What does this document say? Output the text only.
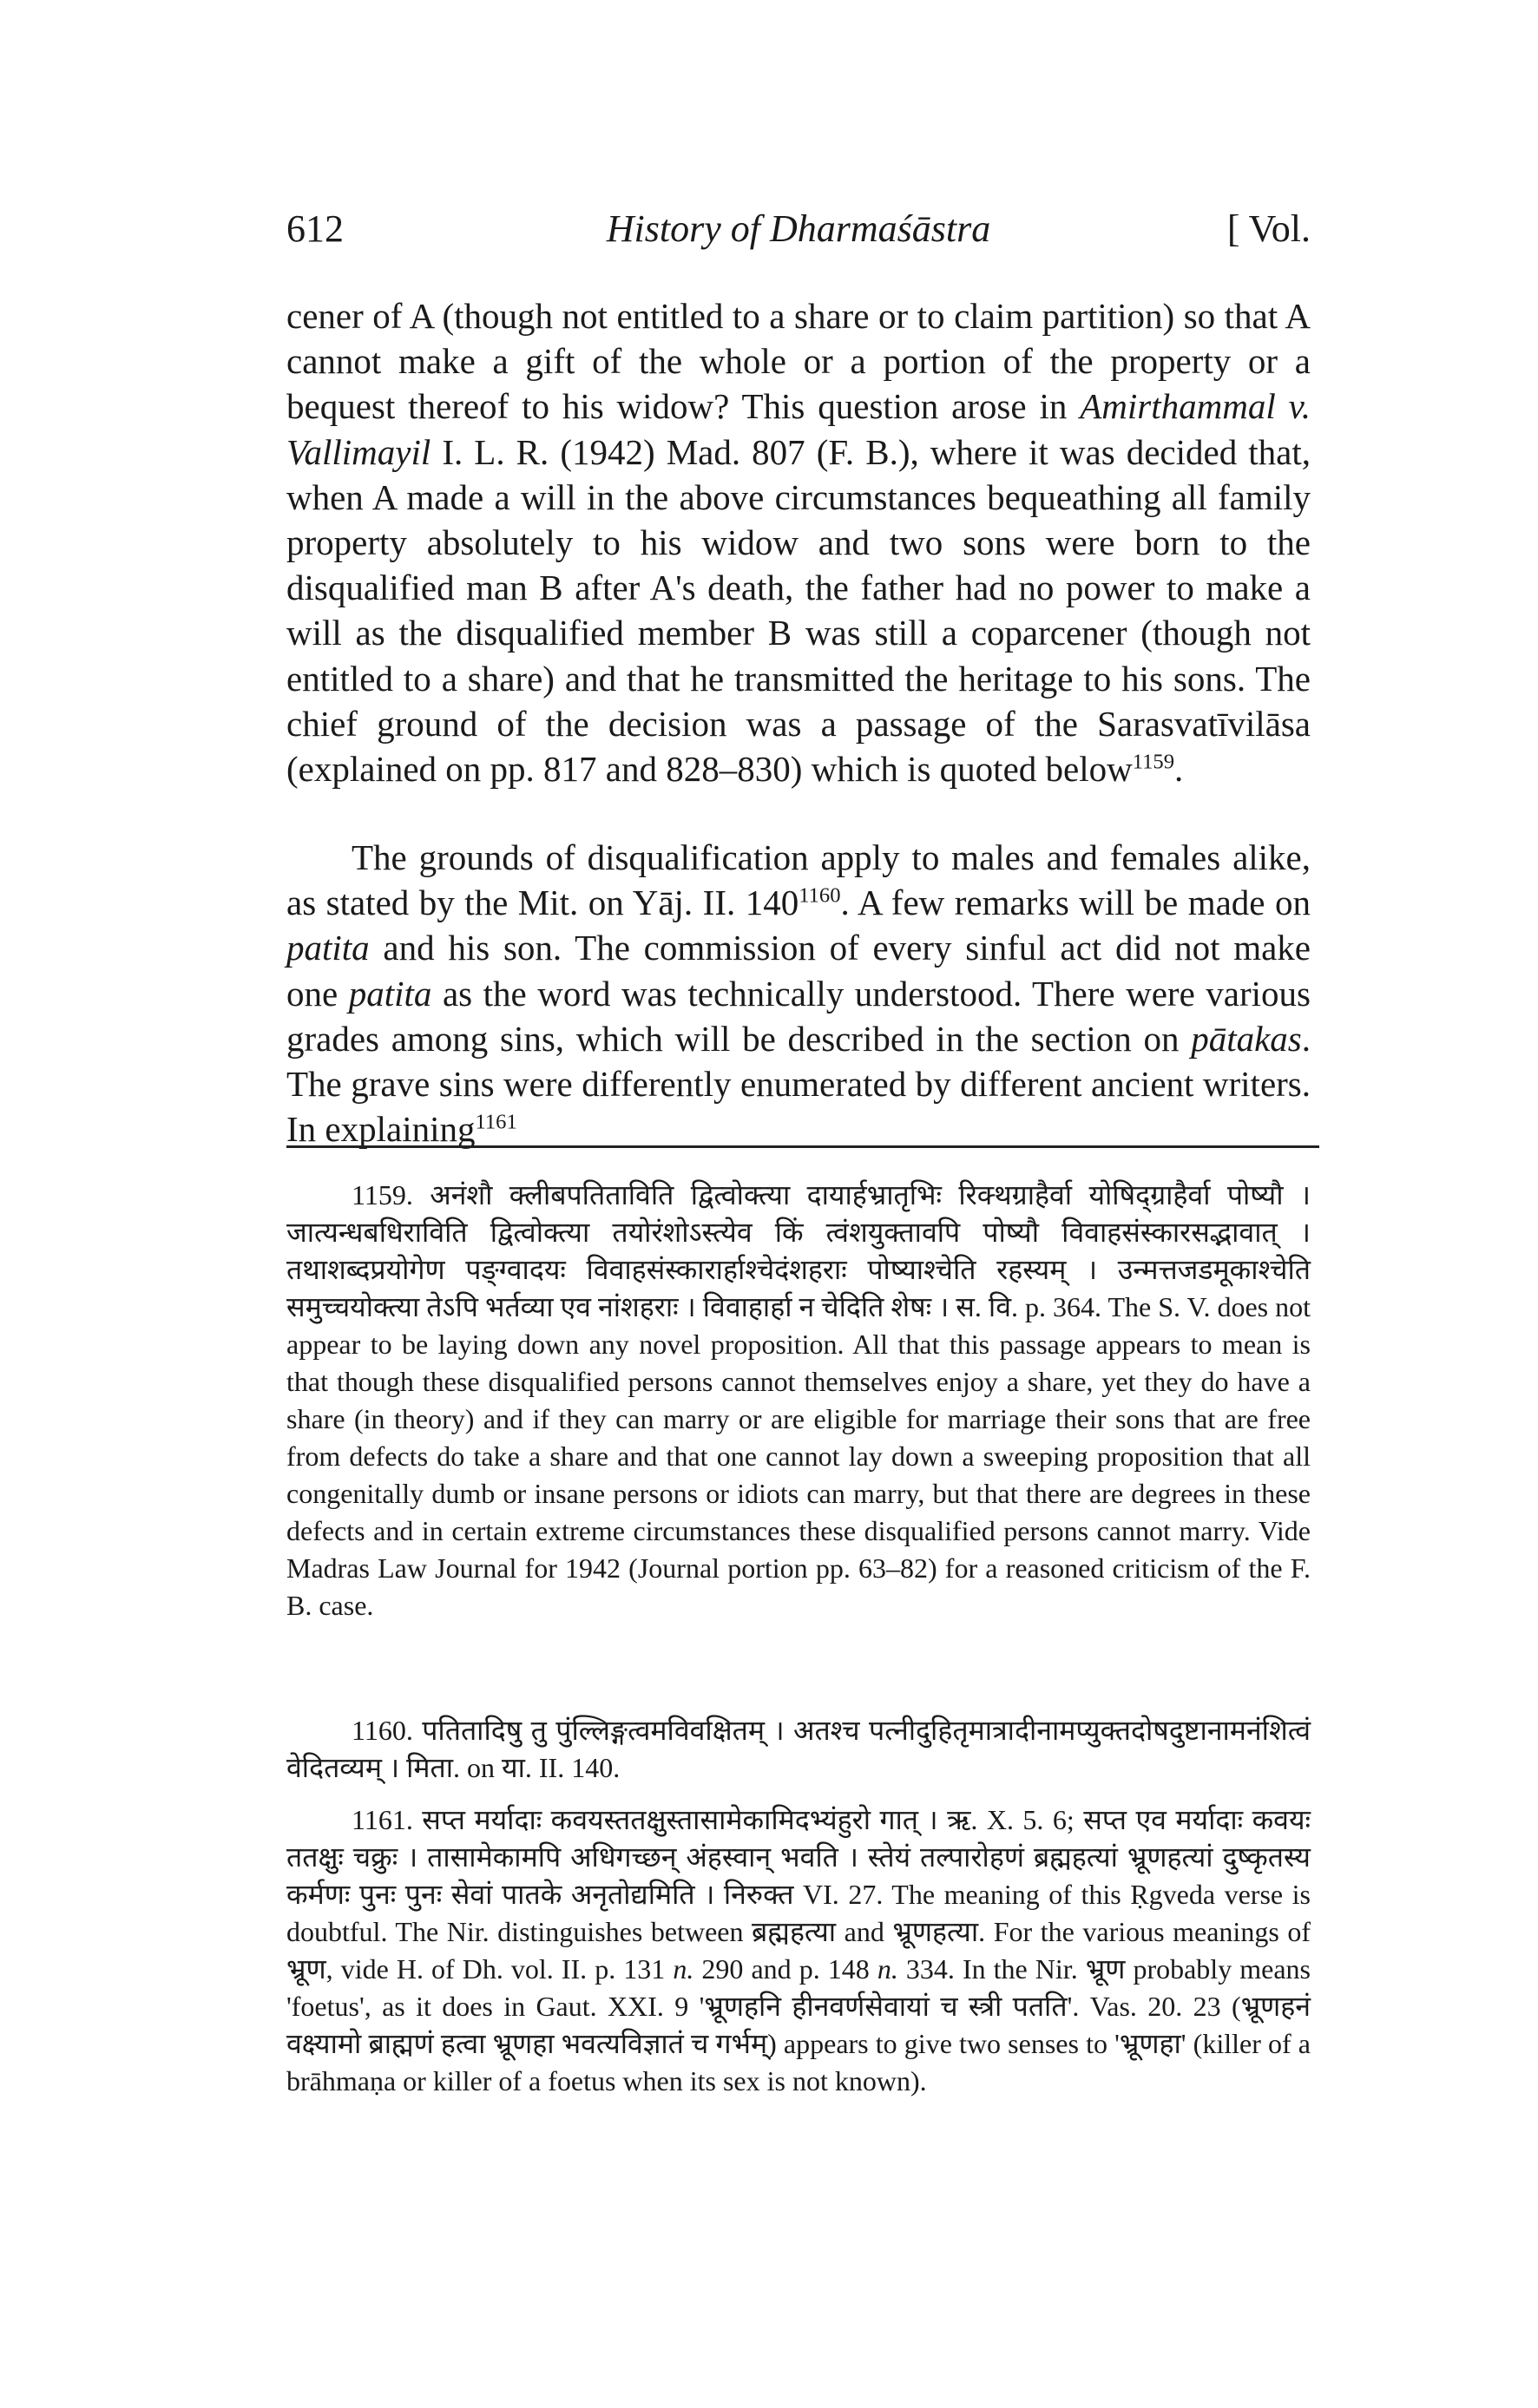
612	History of Dharmaśāstra	[ Vol.

cener of A (though not entitled to a share or to claim partition) so that A cannot make a gift of the whole or a portion of the property or a bequest thereof to his widow? This question arose in Amirthammal v. Vallimayil I. L. R. (1942) Mad. 807 (F. B.), where it was decided that, when A made a will in the above circumstances bequeathing all family property absolutely to his widow and two sons were born to the disqualified man B after A's death, the father had no power to make a will as the disqualified member B was still a coparcener (though not entitled to a share) and that he transmitted the heritage to his sons. The chief ground of the decision was a passage of the Sarasvatīvilāsa (explained on pp. 817 and 828–830) which is quoted below$^{1159}$.

The grounds of disqualification apply to males and females alike, as stated by the Mit. on Yāj. II. $140^{1160}$. A few remarks will be made on patita and his son. The commission of every sinful act did not make one patita as the word was technically understood. There were various grades among sins, which will be described in the section on pātakas. The grave sins were differently enumerated by different ancient writers. In explaining$^{1161}$

1159. अनंशौ क्लीबपतिताविति द्वित्वोक्त्या दायार्हभ्रातृभिः रिक्थग्राहैर्वा योषिद्ग्राहैर्वा पोष्यौ । जात्यन्धबधिराविति द्वित्वोक्त्या तयोरंशोऽस्त्येव किं त्वंशयुक्तावपि पोष्यौ विवाहसंस्कारसद्भावात् । तथाशब्दप्रयोगेण पङ्ग्वादयः विवाहसंस्कारार्हाश्चेदंशहराः पोष्याश्चेति रहस्यम् । उन्मत्तजडमूकाश्चेति समुच्चयोक्त्या तेऽपि भर्तव्या एव नांशहराः । विवाहार्हा न चेदिति शेषः । स. वि. p. 364. The S. V. does not appear to be laying down any novel proposition. All that this passage appears to mean is that though these disqualified persons cannot themselves enjoy a share, yet they do have a share (in theory) and if they can marry or are eligible for marriage their sons that are free from defects do take a share and that one cannot lay down a sweeping proposition that all congenitally dumb or insane persons or idiots can marry, but that there are degrees in these defects and in certain extreme circumstances these disqualified persons cannot marry. Vide Madras Law Journal for 1942 (Journal portion pp. 63–82) for a reasoned criticism of the F. B. case.

1160. पतितादिषु तु पुंल्लिङ्गत्वमविवक्षितम् । अतश्च पत्नीदुहितृमात्रादीनामप्युक्तदोषदुष्टानामनंशित्वं वेदितव्यम् । मिता. on या. II. 140.

1161. सप्त मर्यादाः कवयस्ततक्षुस्तासामेकामिदभ्यंहुरो गात् । ऋ. X. 5. 6; सप्त एव मर्यादाः कवयः ततक्षुः चक्रुः । तासामेकामपि अधिगच्छन् अंहस्वान् भवति । स्तेयं तल्पारोहणं ब्रह्महत्यां भ्रूणहत्यां दुष्कृतस्य कर्मणः पुनः पुनः सेवां पातके अनृतोद्यमिति । निरुक्त VI. 27. The meaning of this Ṛgveda verse is doubtful. The Nir. distinguishes between ब्रह्महत्या and भ्रूणहत्या. For the various meanings of भ्रूण, vide H. of Dh. vol. II. p. 131 n. 290 and p. 148 n. 334. In the Nir. भ्रूण probably means 'foetus', as it does in Gaut. XXI. 9 'भ्रूणहनि हीनवर्णसेवायां च स्त्री पतति'. Vas. 20. 23 (भ्रूणहनं वक्ष्यामो ब्राह्मणं हत्वा भ्रूणहा भवत्यविज्ञातं च गर्भम्) appears to give two senses to 'भ्रूणहा' (killer of a brāhmaṇa or killer of a foetus when its sex is not known).
